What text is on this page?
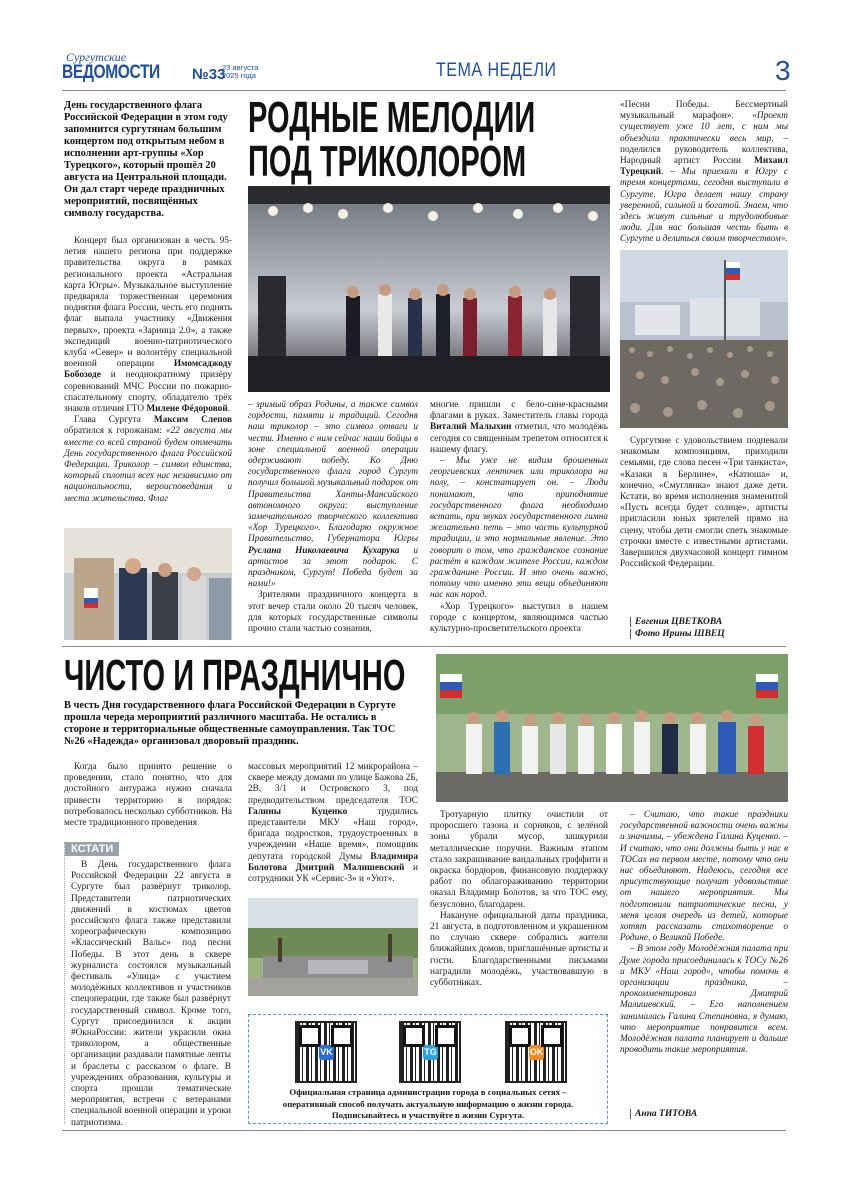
Сургутские
ВЕДОМОСТИ №33
23 августа
2025 года	ТЕМА НЕДЕЛИ	3
День государственного флага Российской Федерации в этом году запомнится сургутянам большим концертом под открытым небом в исполнении арт-группы «Хор Турецкого», который прошёл 20 августа на Центральной площади. Он дал старт череде праздничных мероприятий, посвящённых символу государства.
РОДНЫЕ МЕЛОДИИ
ПОД ТРИКОЛОРОМ

Концерт был организован в честь 95-летия нашего региона при поддержке правительства округа в рамках регионального проекта «Астральная карта Югры». Музыкальное выступление предваряла торжественная церемония поднятия флага России, честь его поднять флаг выпала участнику «Движения первых», проекта «Зарница 2.0», а также экспедиций военно-патриотического клуба «Север» и волонтёру специальной военной операции Имомсаджоду Бобозоде и неоднократному призёру соревнований МЧС России по пожарно-спасательному спорту, обладателю трёх знаков отличия ГТО Милене Фёдоровой.

Глава Сургута Максим Слепов обратился к горожанам: «22 августа мы вместе со всей страной будем отмечать День государственного флага Российской Федерации. Триколор – символ единства, который сплотил всех нас независимо от национальности, вероисповедания и места жительства. Флаг

– зримый образ Родины, а также символ гордости, памяти и традиций. Сегодня наш триколор – это символ отваги и чести. Именно с ним сейчас наши бойцы в зоне специальной военной операции одерживают победу. Ко Дню государственного флага город Сургут получил большой музыкальный подарок от Правительства Ханты-Мансийского автономного округа: выступление замечательного творческого коллектива «Хор Турецкого». Благодарю окружное Правительство, Губернатора Югры Руслана Николаевича Кухарука и артистов за этот подарок. С праздником, Сургут! Победа будет за нами!»

Зрителями праздничного концерта в этот вечер стали около 20 тысяч человек, для которых государственные символы прочно стали частью сознания,

многие пришли с бело-сине-красными флагами в руках. Заместитель главы города Виталий Малыхин отметил, что молодёжь сегодня со священным трепетом относится к нашему флагу.

– Мы уже не видим брошенных георгиевских ленточек или триколора на полу, – констатирует он. – Люди понимают, что приподнятие государственного флага необходимо встать, при звуках государственного гимна желательно петь – это часть культурной традиции, и это нормальные явление. Это говорит о том, что гражданское сознание растёт в каждом жителе России, каждом гражданине России. И это очень важно, потому что именно эти вещи объединяют нас как народ.

«Хор Турецкого» выступил в нашем городе с концертом, являющимся частью культурно-просветительского проекта

«Песни Победы. Бессмертный музыкальный марафон». «Проект существует уже 10 лет, с ним мы объездили практически весь мир, – поделился руководитель коллектива, Народный артист России Михаил Турецкий. – Мы приехали в Югру с тремя концертами, сегодня выступили в Сургуте. Югра делает нашу страну уверенной, сильной и богатой. Знаем, что здесь живут сильные и трудолюбивые люди. Для нас большая честь быть в Сургуте и делиться своим творчеством».

Сургутяне с удовольствием подпевали знакомым композициям, приходили семьями, где слова песен «Три танкиста», «Казаки в Берлине», «Катюша» и, конечно, «Смуглянка» знают даже дети. Кстати, во время исполнения знаменитой «Пусть всегда будет солнце», артисты пригласили юных зрителей прямо на сцену, чтобы дети смогли спеть знакомые строчки вместе с известными артистами. Завершился двухчасовой концерт гимном Российской Федерации.

Евгения ЦВЕТКОВА
Фото Ирины ШВЕЦ
ЧИСТО И ПРАЗДНИЧНО
В честь Дня государственного флага Российской Федерации в Сургуте прошла череда мероприятий различного масштаба. Не остались в стороне и территориальные общественные самоуправления. Так ТОС №26 «Надежда» организовал дворовый праздник.

Когда было принято решение о проведении, стало понятно, что для достойного антуража нужно сначала привести территорию в порядок: потребовалось несколько субботников. На месте традиционного проведения

КСТАТИ

В День государственного флага Российской Федерации 22 августа в Сургуте был развёрнут триколор. Представители патриотических движений в костюмах цветов российского флага также представили хореографическую композицию «Классический Вальс» под песни Победы. В этот день в сквере журналиста состоялся музыкальный фестиваль «Улица» с участием молодёжных коллективов и участников спецоперации, где также был развёрнут государственный символ. Кроме того, Сургут присоединился к акции #ОкнаРоссии: жители украсили окна триколором, а общественные организации раздавали памятные ленты и браслеты с рассказом о флаге. В учреждениях образования, культуры и спорта прошли тематические мероприятия, встречи с ветеранами специальной военной операции и уроки патриотизма.

массовых мероприятий 12 микрорайона – сквере между домами по улице Бажова 2Б, 2В, 3/1 и Островского 3, под предводительством председателя ТОС Галины Куценко	трудились представители МКУ «Наш город», бригада подростков, трудоустроенных в учреждении «Наше время», помощник депутата городской Думы Владимира Болотова Дмитрий Малишевский и сотрудники УК «Сервис-3» и «Уют».

Тротуарную плитку очистили от проросшего газона и сорняков, с зелёной зоны убрали мусор, зашкурили металлические поручни. Важным этапом стало закрашивание вандальных граффити и окраска бордюров, финансовую поддержку работ по облагораживанию территории оказал Владимир Болотов, за что ТОС ему, безусловно, благодарен.

Накануне официальной даты праздника, 21 августа, в подготовленном и украшенном по случаю сквере собрались жители ближайших домов, приглашённые артисты и гости. Благодарственными письмами наградили молодёжь, участвовавшую в субботниках.

– Считаю, что такие праздники государственной важности очень важны и значимы, – убеждена Галина Куценко. – И считаю, что они должны быть у нас в ТОСах на первом месте, потому что они нас объединяют. Надеюсь, сегодня все присутствующие получат удовольствие от нашего мероприятия. Мы подготовили патриотические песни, у меня целая очередь из детей, которые хотят рассказать стихотворение о Родине, о Великой Победе.

– В этом году Молодёжная палата при Думе города присоединилась к ТОСу №26 и МКУ «Наш город», чтобы помочь в организации праздника, – прокомментировал Дмитрий Малишевский. – Его наполнением занималась Галина Степановна, я думаю, что мероприятие понравится всем. Молодёжная палата планирует и дальше проводить такие мероприятия.

Анна ТИТОВА
VK	TG	OK
Официальная страница администрации города в социальных сетях –
оперативный способ получать актуальную информацию о жизни города.
Подписывайтесь и участвуйте в жизни Сургута.
